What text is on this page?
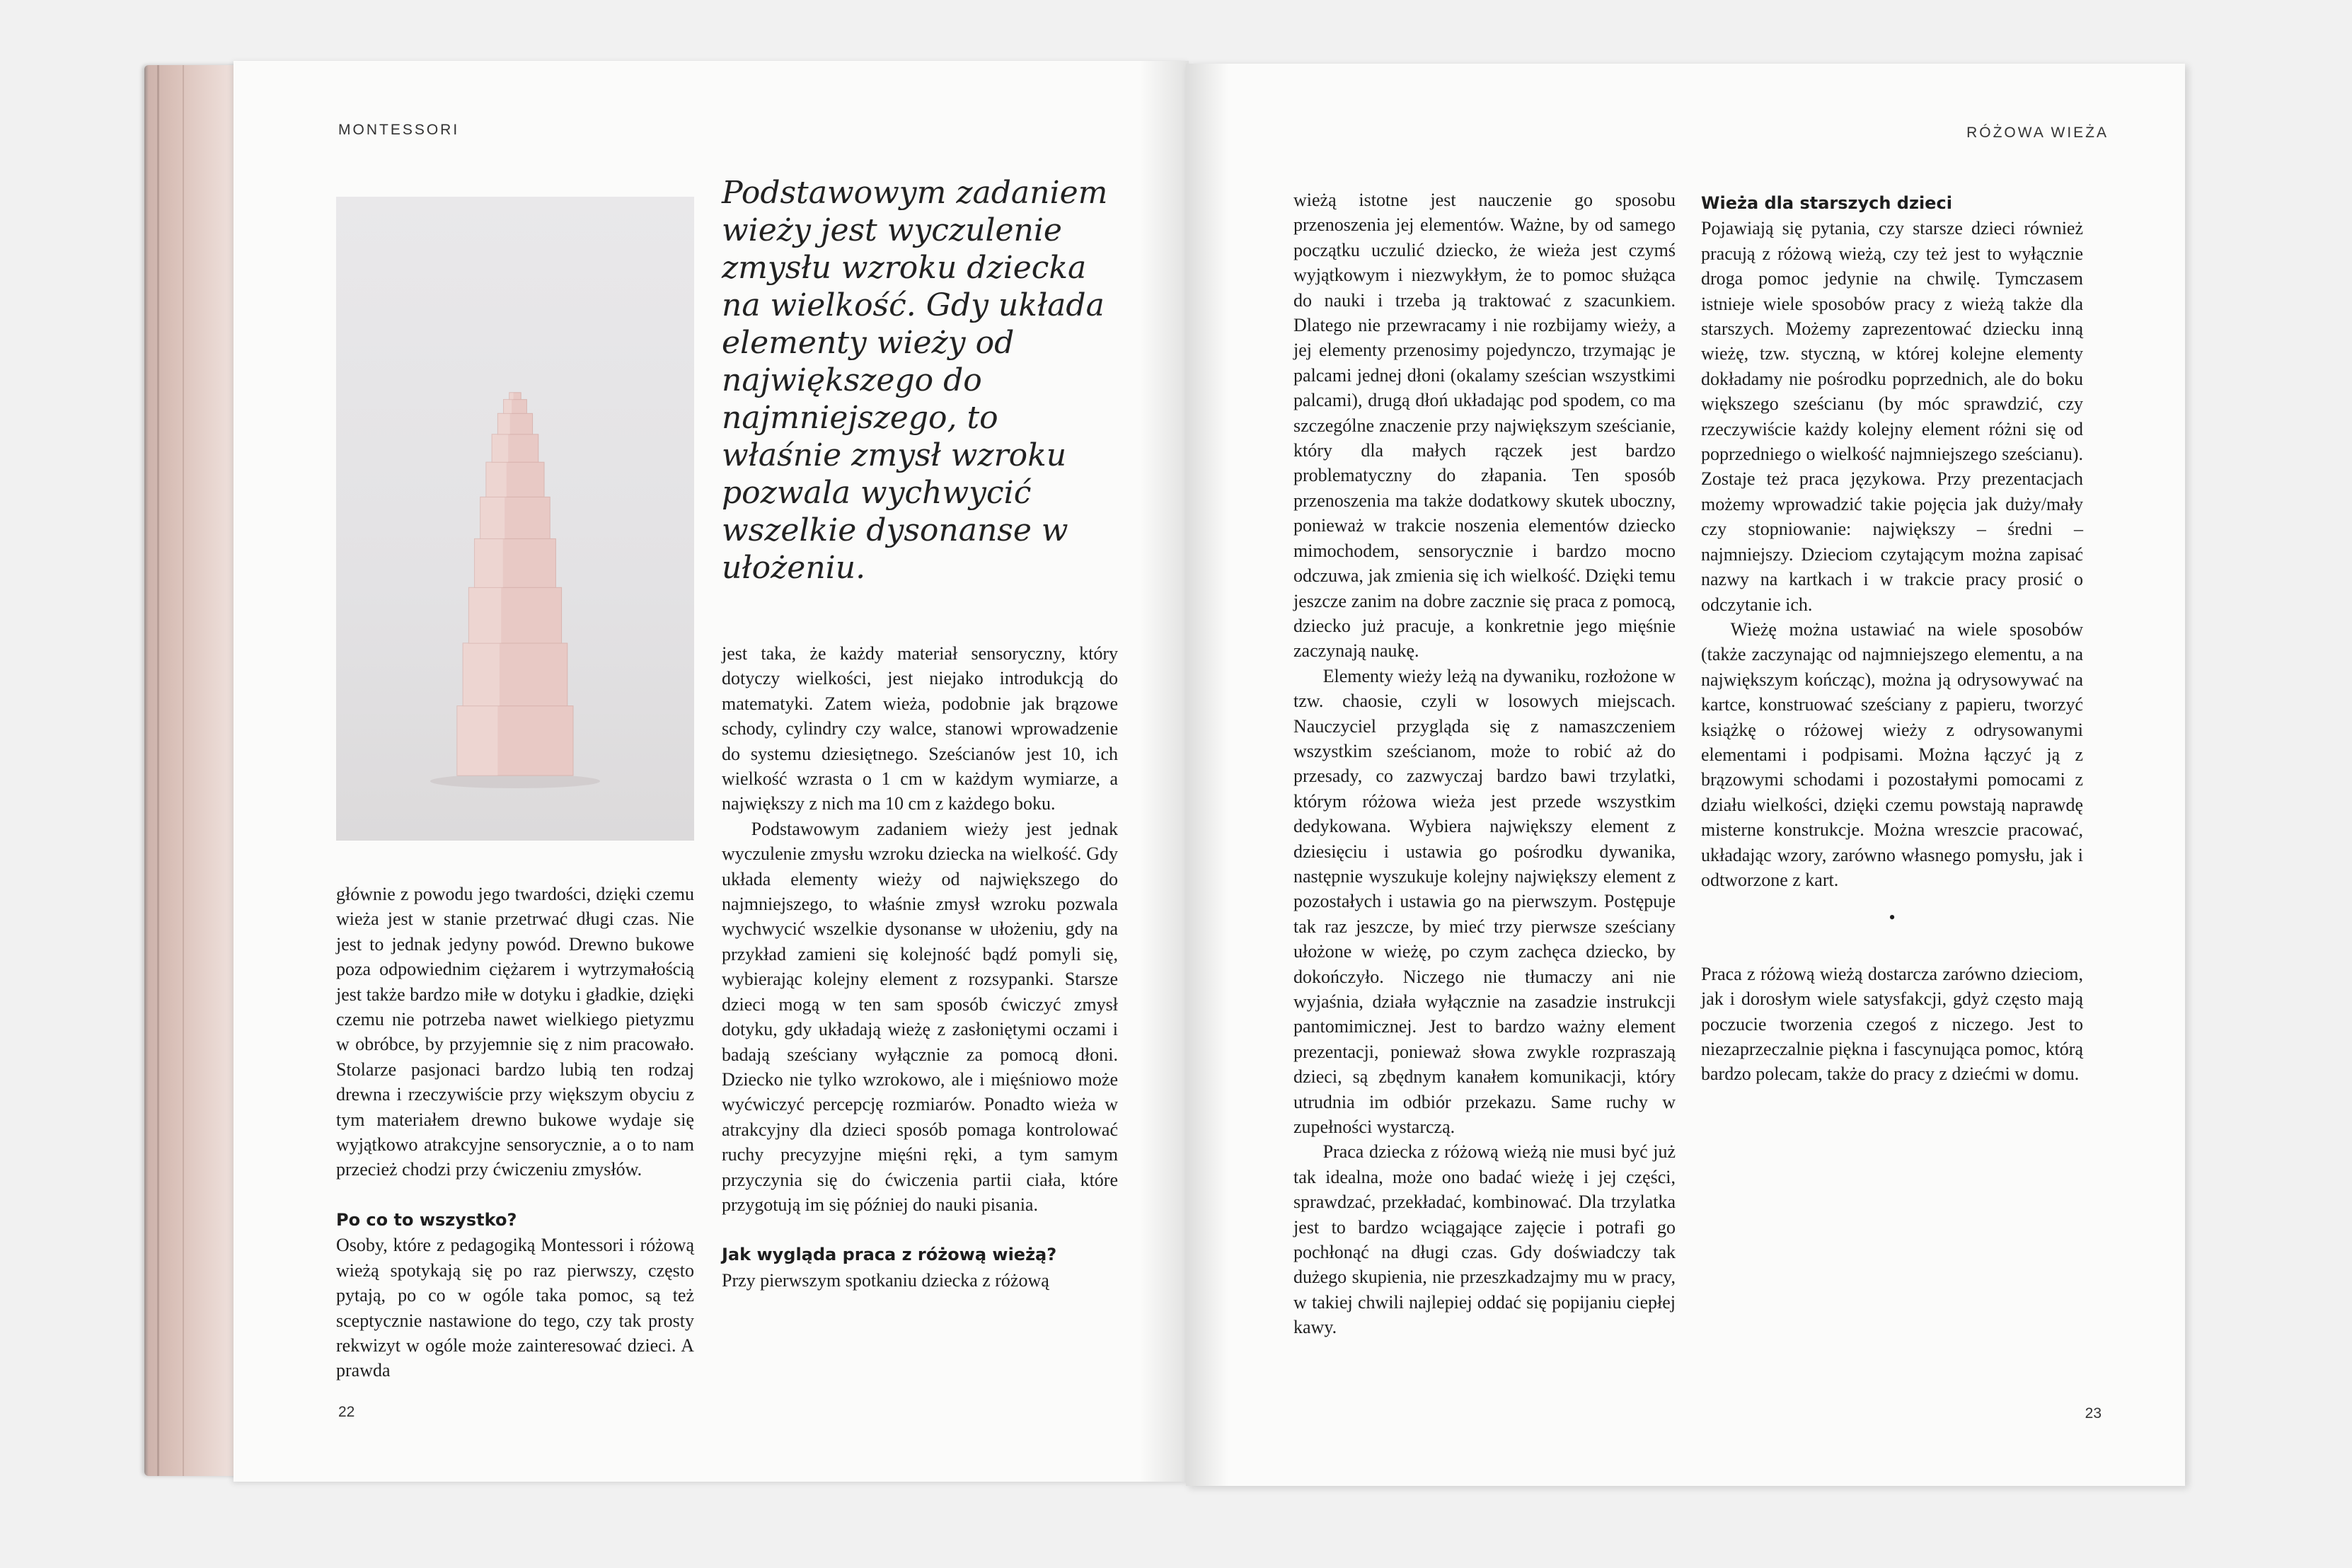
MONTESSORI

Podstawowym zadaniem wieży jest wyczulenie zmysłu wzroku dziecka na wielkość. Gdy układa elementy wieży od największego do najmniejszego, to właśnie zmysł wzroku pozwala wychwycić wszelkie dysonanse w ułożeniu.

głównie z powodu jego twardości, dzięki czemu wieża jest w stanie przetrwać długi czas. Nie jest to jednak jedyny powód. Drewno bukowe poza odpowiednim ciężarem i wytrzymałością jest także bardzo miłe w dotyku i gładkie, dzięki czemu nie potrzeba nawet wielkiego pietyzmu w obróbce, by przyjemnie się z nim pracowało. Stolarze pasjonaci bardzo lubią ten rodzaj drewna i rzeczywiście przy większym obyciu z tym materiałem drewno bukowe wydaje się wyjątkowo atrakcyjne sensorycznie, a o to nam przecież chodzi przy ćwiczeniu zmysłów.

Po co to wszystko?

Osoby, które z pedagogiką Montessori i różową wieżą spotykają się po raz pierwszy, często pytają, po co w ogóle taka pomoc, są też sceptycznie nastawione do tego, czy tak prosty rekwizyt w ogóle może zainteresować dzieci. A prawda

jest taka, że każdy materiał sensoryczny, który dotyczy wielkości, jest niejako introdukcją do matematyki. Zatem wieża, podobnie jak brązowe schody, cylindry czy walce, stanowi wprowadzenie do systemu dziesiętnego. Sześcianów jest 10, ich wielkość wzrasta o 1 cm w każdym wymiarze, a największy z nich ma 10 cm z każdego boku.

Podstawowym zadaniem wieży jest jednak wyczulenie zmysłu wzroku dziecka na wielkość. Gdy układa elementy wieży od największego do najmniejszego, to właśnie zmysł wzroku pozwala wychwycić wszelkie dysonanse w ułożeniu, gdy na przykład zamieni się kolejność bądź pomyli się, wybierając kolejny element z rozsypanki. Starsze dzieci mogą w ten sam sposób ćwiczyć zmysł dotyku, gdy układają wieżę z zasłoniętymi oczami i badają sześciany wyłącznie za pomocą dłoni. Dziecko nie tylko wzrokowo, ale i mięśniowo może wyćwiczyć percepcję rozmiarów. Ponadto wieża w atrakcyjny dla dzieci sposób pomaga kontrolować ruchy precyzyjne mięśni ręki, a tym samym przyczynia się do ćwiczenia partii ciała, które przygotują im się później do nauki pisania.

Jak wygląda praca z różową wieżą?

Przy pierwszym spotkaniu dziecka z różową

22

RÓŻOWA WIEŻA

wieżą istotne jest nauczenie go sposobu przenoszenia jej elementów. Ważne, by od samego początku uczulić dziecko, że wieża jest czymś wyjątkowym i niezwykłym, że to pomoc służąca do nauki i trzeba ją traktować z szacunkiem. Dlatego nie przewracamy i nie rozbijamy wieży, a jej elementy przenosimy pojedynczo, trzymając je palcami jednej dłoni (okalamy sześcian wszystkimi palcami), drugą dłoń układając pod spodem, co ma szczególne znaczenie przy największym sześcianie, który dla małych rączek jest bardzo problematyczny do złapania. Ten sposób przenoszenia ma także dodatkowy skutek uboczny, ponieważ w trakcie noszenia elementów dziecko mimochodem, sensorycznie i bardzo mocno odczuwa, jak zmienia się ich wielkość. Dzięki temu jeszcze zanim na dobre zacznie się praca z pomocą, dziecko już pracuje, a konkretnie jego mięśnie zaczynają naukę.

Elementy wieży leżą na dywaniku, rozłożone w tzw. chaosie, czyli w losowych miejscach. Nauczyciel przygląda się z namaszczeniem wszystkim sześcianom, może to robić aż do przesady, co zazwyczaj bardzo bawi trzylatki, którym różowa wieża jest przede wszystkim dedykowana. Wybiera największy element z dziesięciu i ustawia go pośrodku dywanika, następnie wyszukuje kolejny największy element z pozostałych i ustawia go na pierwszym. Postępuje tak raz jeszcze, by mieć trzy pierwsze sześciany ułożone w wieżę, po czym zachęca dziecko, by dokończyło. Niczego nie tłumaczy ani nie wyjaśnia, działa wyłącznie na zasadzie instrukcji pantomimicznej. Jest to bardzo ważny element prezentacji, ponieważ słowa zwykle rozpraszają dzieci, są zbędnym kanałem komunikacji, który utrudnia im odbiór przekazu. Same ruchy w zupełności wystarczą.

Praca dziecka z różową wieżą nie musi być już tak idealna, może ono badać wieżę i jej części, sprawdzać, przekładać, kombinować. Dla trzylatka jest to bardzo wciągające zajęcie i potrafi go pochłonąć na długi czas. Gdy doświadczy tak dużego skupienia, nie przeszkadzajmy mu w pracy, w takiej chwili najlepiej oddać się popijaniu ciepłej kawy.

Wieża dla starszych dzieci

Pojawiają się pytania, czy starsze dzieci również pracują z różową wieżą, czy też jest to wyłącznie droga pomoc jedynie na chwilę. Tymczasem istnieje wiele sposobów pracy z wieżą także dla starszych. Możemy zaprezentować dziecku inną wieżę, tzw. styczną, w której kolejne elementy dokładamy nie pośrodku poprzednich, ale do boku większego sześcianu (by móc sprawdzić, czy rzeczywiście każdy kolejny element różni się od poprzedniego o wielkość najmniejszego sześcianu). Zostaje też praca językowa. Przy prezentacjach możemy wprowadzić takie pojęcia jak duży/mały czy stopniowanie: największy – średni – najmniejszy. Dzieciom czytającym można zapisać nazwy na kartkach i w trakcie pracy prosić o odczytanie ich.

Wieżę można ustawiać na wiele sposobów (także zaczynając od najmniejszego elementu, a na największym kończąc), można ją odrysowywać na kartce, konstruować sześciany z papieru, tworzyć książkę o różowej wieży z odrysowanymi elementami i podpisami. Można łączyć ją z brązowymi schodami i pozostałymi pomocami z działu wielkości, dzięki czemu powstają naprawdę misterne konstrukcje. Można wreszcie pracować, układając wzory, zarówno własnego pomysłu, jak i odtworzone z kart.

•

Praca z różową wieżą dostarcza zarówno dzieciom, jak i dorosłym wiele satysfakcji, gdyż często mają poczucie tworzenia czegoś z niczego. Jest to niezaprzeczalnie piękna i fascynująca pomoc, którą bardzo polecam, także do pracy z dziećmi w domu.

23
